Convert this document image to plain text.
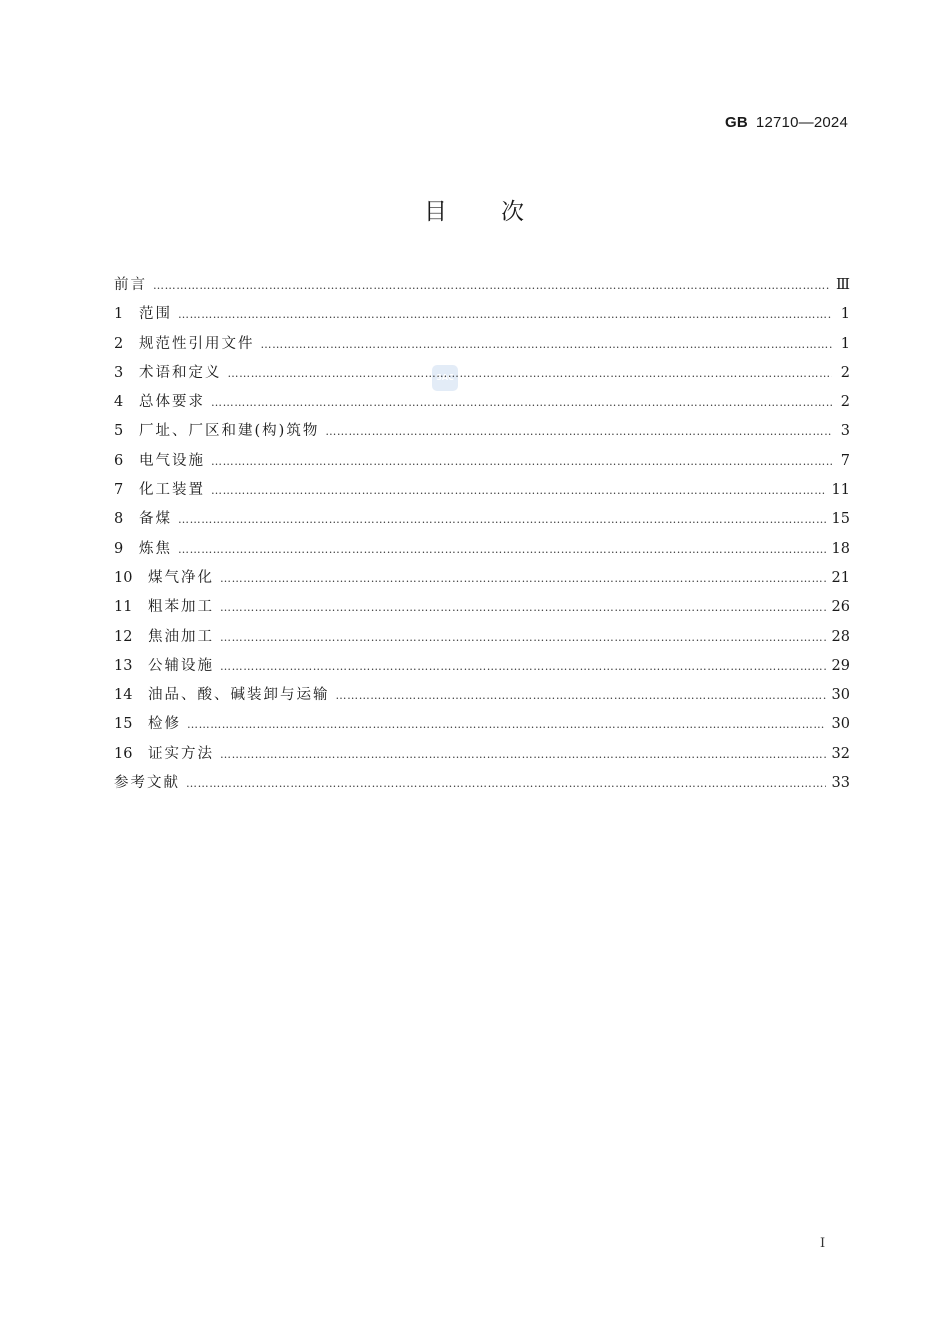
GB 12710—2024
目 次
SAC
前言 …………………………………………………………………………………………………………………………………………………………………………………………………………………	Ⅲ
1	范围 …………………………………………………………………………………………………………………………………………………………………………………………………………………	1
2	规范性引用文件 …………………………………………………………………………………………………………………………………………………………………………………………………………………	1
3	术语和定义 …………………………………………………………………………………………………………………………………………………………………………………………………………………	2
4	总体要求 …………………………………………………………………………………………………………………………………………………………………………………………………………………	2
5	厂址、厂区和建(构)筑物 …………………………………………………………………………………………………………………………………………………………………………………………………………………	3
6	电气设施 …………………………………………………………………………………………………………………………………………………………………………………………………………………	7
7	化工装置 …………………………………………………………………………………………………………………………………………………………………………………………………………………	11
8	备煤 …………………………………………………………………………………………………………………………………………………………………………………………………………………	15
9	炼焦 …………………………………………………………………………………………………………………………………………………………………………………………………………………	18
10	煤气净化 …………………………………………………………………………………………………………………………………………………………………………………………………………………	21
11	粗苯加工 …………………………………………………………………………………………………………………………………………………………………………………………………………………	26
12	焦油加工 …………………………………………………………………………………………………………………………………………………………………………………………………………………	28
13	公辅设施 …………………………………………………………………………………………………………………………………………………………………………………………………………………	29
14	油品、酸、碱装卸与运输 …………………………………………………………………………………………………………………………………………………………………………………………………………………	30
15	检修 …………………………………………………………………………………………………………………………………………………………………………………………………………………	30
16	证实方法 …………………………………………………………………………………………………………………………………………………………………………………………………………………	32
参考文献 …………………………………………………………………………………………………………………………………………………………………………………………………………………	33
Ⅰ
